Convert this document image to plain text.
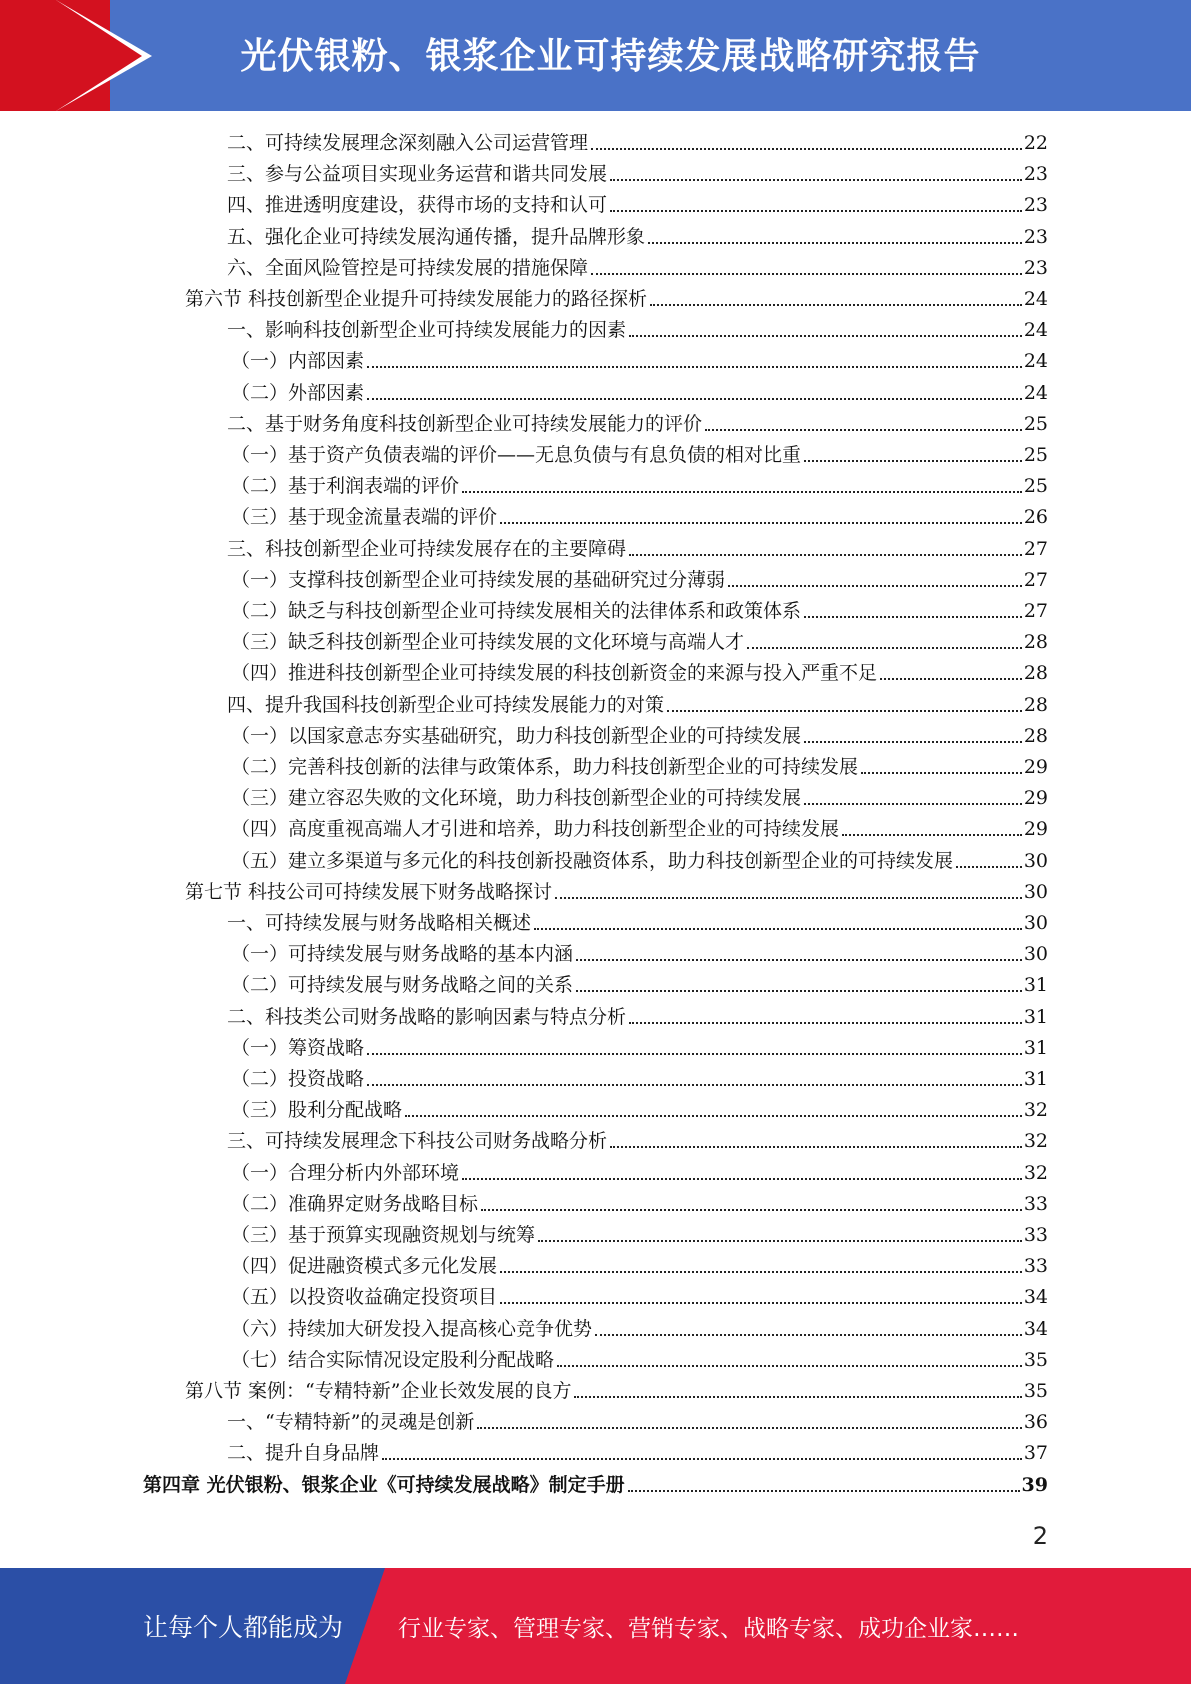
光伏银粉、银浆企业可持续发展战略研究报告
二、可持续发展理念深刻融入公司运营管理	22
三、参与公益项目实现业务运营和谐共同发展	23
四、推进透明度建设，获得市场的支持和认可	23
五、强化企业可持续发展沟通传播，提升品牌形象	23
六、全面风险管控是可持续发展的措施保障	23
第六节 科技创新型企业提升可持续发展能力的路径探析	24
一、影响科技创新型企业可持续发展能力的因素	24
（一）内部因素	24
（二）外部因素	24
二、基于财务角度科技创新型企业可持续发展能力的评价	25
（一）基于资产负债表端的评价——无息负债与有息负债的相对比重	25
（二）基于利润表端的评价	25
（三）基于现金流量表端的评价	26
三、科技创新型企业可持续发展存在的主要障碍	27
（一）支撑科技创新型企业可持续发展的基础研究过分薄弱	27
（二）缺乏与科技创新型企业可持续发展相关的法律体系和政策体系	27
（三）缺乏科技创新型企业可持续发展的文化环境与高端人才	28
（四）推进科技创新型企业可持续发展的科技创新资金的来源与投入严重不足	28
四、提升我国科技创新型企业可持续发展能力的对策	28
（一）以国家意志夯实基础研究，助力科技创新型企业的可持续发展	28
（二）完善科技创新的法律与政策体系，助力科技创新型企业的可持续发展	29
（三）建立容忍失败的文化环境，助力科技创新型企业的可持续发展	29
（四）高度重视高端人才引进和培养，助力科技创新型企业的可持续发展	29
（五）建立多渠道与多元化的科技创新投融资体系，助力科技创新型企业的可持续发展	30
第七节 科技公司可持续发展下财务战略探讨	30
一、可持续发展与财务战略相关概述	30
（一）可持续发展与财务战略的基本内涵	30
（二）可持续发展与财务战略之间的关系	31
二、科技类公司财务战略的影响因素与特点分析	31
（一）筹资战略	31
（二）投资战略	31
（三）股利分配战略	32
三、可持续发展理念下科技公司财务战略分析	32
（一）合理分析内外部环境	32
（二）准确界定财务战略目标	33
（三）基于预算实现融资规划与统筹	33
（四）促进融资模式多元化发展	33
（五）以投资收益确定投资项目	34
（六）持续加大研发投入提高核心竞争优势	34
（七）结合实际情况设定股利分配战略	35
第八节 案例：“专精特新”企业长效发展的良方	35
一、“专精特新”的灵魂是创新	36
二、提升自身品牌	37
第四章 光伏银粉、银浆企业《可持续发展战略》制定手册	39
2
让每个人都能成为 行业专家、管理专家、营销专家、战略专家、成功企业家……
